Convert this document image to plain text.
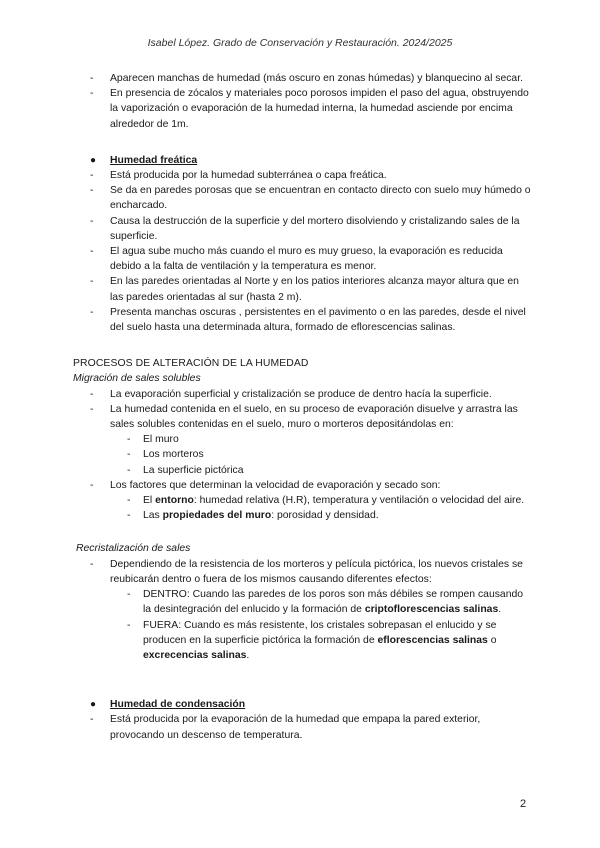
Isabel López. Grado de Conservación y Restauración. 2024/2025
- Aparecen manchas de humedad (más oscuro en zonas húmedas) y blanquecino al secar.
- En presencia de zócalos y materiales poco porosos impiden el paso del agua, obstruyendo la vaporización o evaporación de la humedad interna, la humedad asciende por encima alrededor de 1m.
● Humedad freática
- Está producida por la humedad subterránea o capa freática.
- Se da en paredes porosas que se encuentran en contacto directo con suelo muy húmedo o encharcado.
- Causa la destrucción de la superficie y del mortero disolviendo y cristalizando sales de la superficie.
- El agua sube mucho más cuando el muro es muy grueso, la evaporación es reducida debido a la falta de ventilación y la temperatura es menor.
- En las paredes orientadas al Norte y en los patios interiores alcanza mayor altura que en las paredes orientadas al sur (hasta 2 m).
- Presenta manchas oscuras , persistentes en el pavimento o en las paredes, desde el nivel del suelo hasta una determinada altura, formado de eflorescencias salinas.
PROCESOS DE ALTERACIÓN DE LA HUMEDAD
Migración de sales solubles
- La evaporación superficial y cristalización se produce de dentro hacía la superficie.
- La humedad contenida en el suelo, en su proceso de evaporación disuelve y arrastra las sales solubles contenidas en el suelo, muro o morteros depositándolas en:
- El muro
- Los morteros
- La superficie pictórica
- Los factores que determinan la velocidad de evaporación y secado son:
- El entorno: humedad relativa (H.R), temperatura y ventilación o velocidad del aire.
- Las propiedades del muro: porosidad y densidad.
Recristalización de sales
- Dependiendo de la resistencia de los morteros y película pictórica, los nuevos cristales se reubicarán dentro o fuera de los mismos causando diferentes efectos:
- DENTRO: Cuando las paredes de los poros son más débiles se rompen causando la desintegración del enlucido y la formación de criptoflorescencias salinas.
- FUERA: Cuando es más resistente, los cristales sobrepasan el enlucido y se producen en la superficie pictórica la formación de eflorescencias salinas o excrecencias salinas.
● Humedad de condensación
- Está producida por la evaporación de la humedad que empapa la pared exterior, provocando un descenso de temperatura.
2
